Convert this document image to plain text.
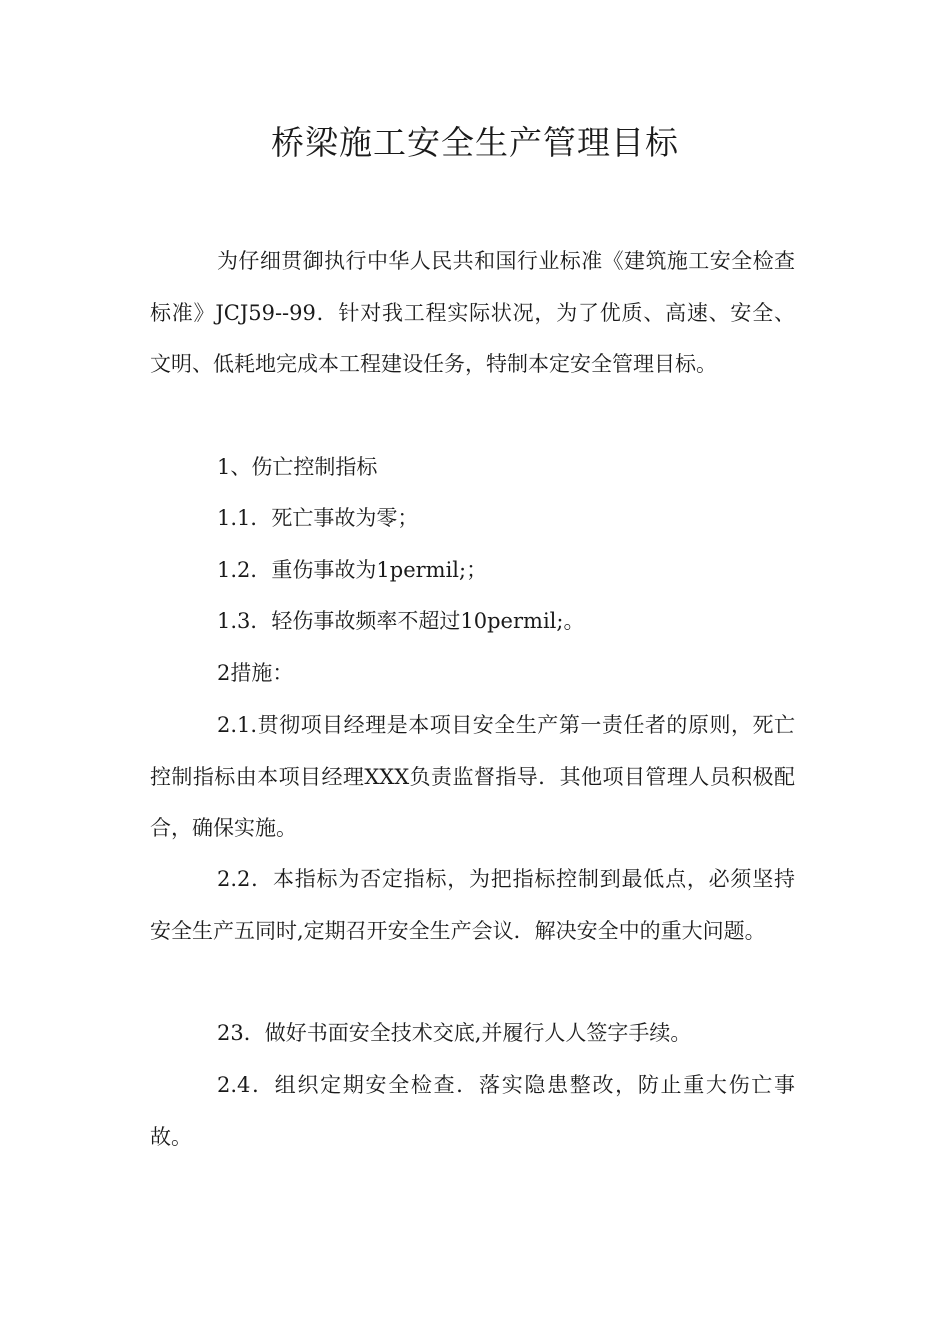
桥梁施工安全生产管理目标

为仔细贯御执行中华人民共和国行业标准《建筑施工安全检查标准》JCJ59--99．针对我工程实际状况，为了优质、高速、安全、文明、低耗地完成本工程建设任务，特制本定安全管理目标。

1、伤亡控制指标

1.1．死亡事故为零；

1.2．重伤事故为1permil;；

1.3．轻伤事故频率不超过10permil;。

2措施：

2.1.贯彻项目经理是本项目安全生产第一责任者的原则，死亡控制指标由本项目经理XXX负责监督指导．其他项目管理人员积极配合，确保实施。

2.2．本指标为否定指标，为把指标控制到最低点，必须坚持安全生产五同时,定期召开安全生产会议．解决安全中的重大问题。

23．做好书面安全技术交底,并履行人人签字手续。

2.4．组织定期安全检查．落实隐患整改，防止重大伤亡事故。
